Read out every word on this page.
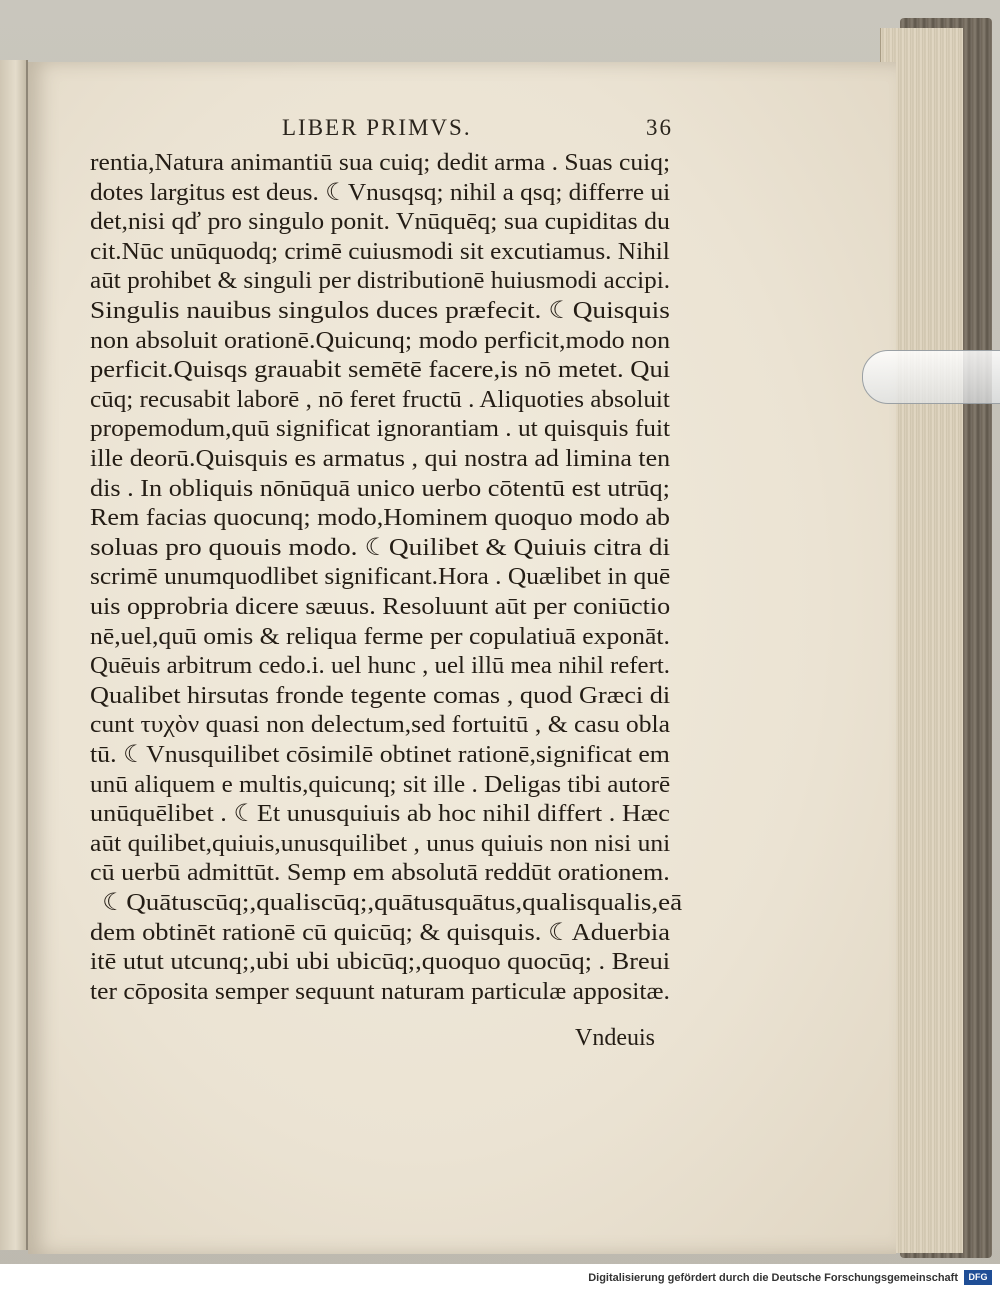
LIBER PRIMVS.	36
rentia,Natura animantiū sua cuiq; dedit arma . Suas cuiq;
dotes largitus est deus. ☾Vnusqsq; nihil a qsq; differre ui
det,nisi qď pro singulo ponit. Vnūquēq; sua cupiditas du
cit.Nūc unūquodq; crimē cuiusmodi sit excutiamus. Nihil
aūt prohibet & singuli per distributionē huiusmodi accipi.
Singulis nauibus singulos duces præfecit. ☾Quisquis
non absoluit orationē.Quicunq; modo perficit,modo non
perficit.Quisqs grauabit semētē facere,is nō metet. Qui
cūq; recusabit laborē , nō feret fructū . Aliquoties absoluit
propemodum,quū significat ignorantiam . ut quisquis fuit
ille deorū.Quisquis es armatus , qui nostra ad limina ten
dis . In obliquis nōnūquā unico uerbo cōtentū est utrūq;
Rem facias quocunq; modo,Hominem quoquo modo ab
soluas pro quouis modo. ☾Quilibet & Quiuis citra di
scrimē unumquodlibet significant.Hora . Quælibet in quē
uis opprobria dicere sæuus. Resoluunt aūt per coniūctio
nē,uel,quū omis & reliqua ferme per copulatiuā exponāt.
Quēuis arbitrum cedo.i. uel hunc , uel illū mea nihil refert.
Qualibet hirsutas fronde tegente comas , quod Græci di
cunt τυχὸν quasi non delectum,sed fortuitū , & casu obla
tū. ☾Vnusquilibet cōsimilē obtinet rationē,significat em
unū aliquem e multis,quicunq; sit ille . Deligas tibi autorē
unūquēlibet . ☾Et unusquiuis ab hoc nihil differt . Hæc
aūt quilibet,quiuis,unusquilibet , unus quiuis non nisi uni
cū uerbū admittūt. Semp em absolutā reddūt orationem.
☾Quātuscūq;,qualiscūq;,quātusquātus,qualisqualis,eā
dem obtinēt rationē cū quicūq; & quisquis. ☾Aduerbia
itē utut utcunq;,ubi ubi ubicūq;,quoquo quocūq; . Breui
ter cōposita semper sequunt naturam particulæ appositæ.
Vndeuis
Digitalisierung gefördert durch die Deutsche Forschungsgemeinschaft	DFG
